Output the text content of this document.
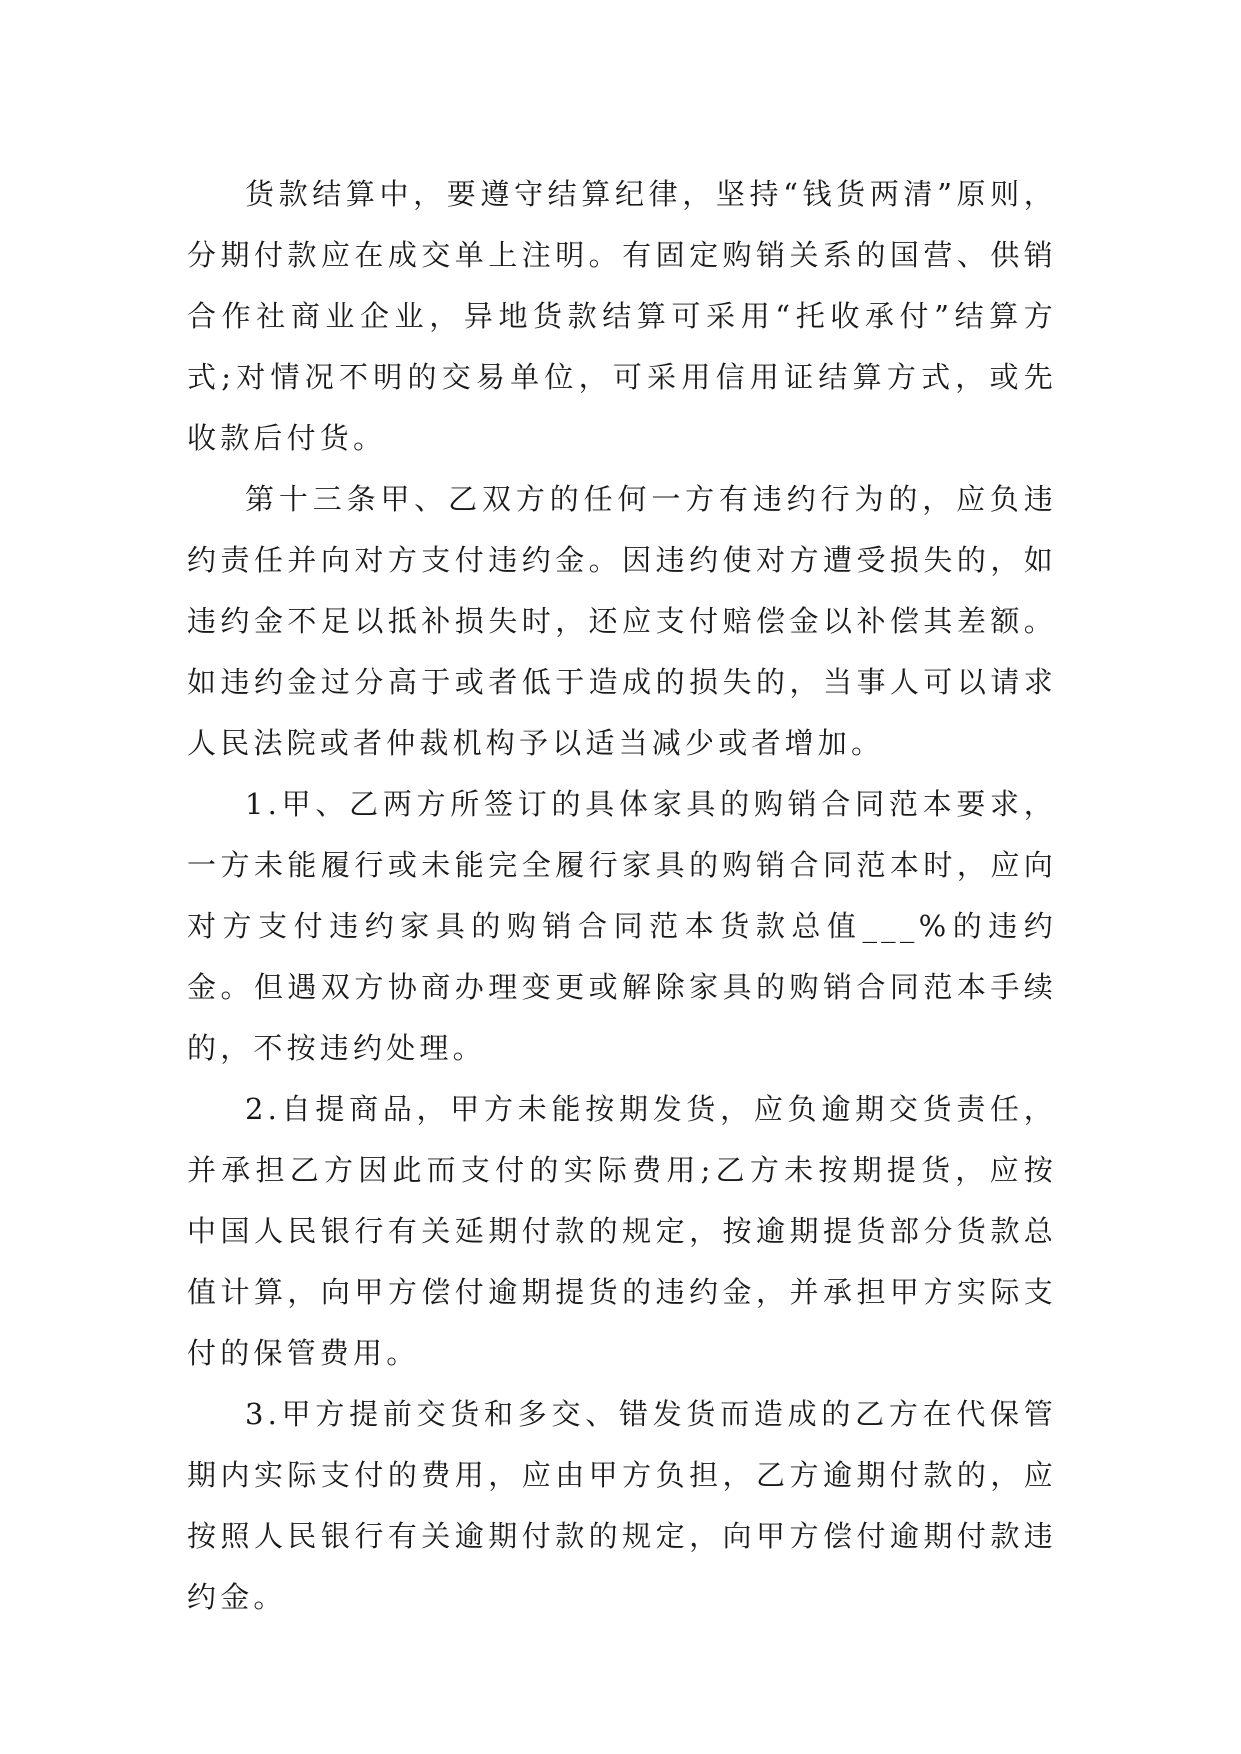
货款结算中，要遵守结算纪律，坚持“钱货两清”原则，分期付款应在成交单上注明。有固定购销关系的国营、供销合作社商业企业，异地货款结算可采用“托收承付”结算方式;对情况不明的交易单位，可采用信用证结算方式，或先收款后付货。

第十三条甲、乙双方的任何一方有违约行为的，应负违约责任并向对方支付违约金。因违约使对方遭受损失的，如违约金不足以抵补损失时，还应支付赔偿金以补偿其差额。如违约金过分高于或者低于造成的损失的，当事人可以请求人民法院或者仲裁机构予以适当减少或者增加。

1.甲、乙两方所签订的具体家具的购销合同范本要求，一方未能履行或未能完全履行家具的购销合同范本时，应向对方支付违约家具的购销合同范本货款总值___%的违约金。但遇双方协商办理变更或解除家具的购销合同范本手续的，不按违约处理。

2.自提商品，甲方未能按期发货，应负逾期交货责任，并承担乙方因此而支付的实际费用;乙方未按期提货，应按中国人民银行有关延期付款的规定，按逾期提货部分货款总值计算，向甲方偿付逾期提货的违约金，并承担甲方实际支付的保管费用。

3.甲方提前交货和多交、错发货而造成的乙方在代保管期内实际支付的费用，应由甲方负担，乙方逾期付款的，应按照人民银行有关逾期付款的规定，向甲方偿付逾期付款违约金。
